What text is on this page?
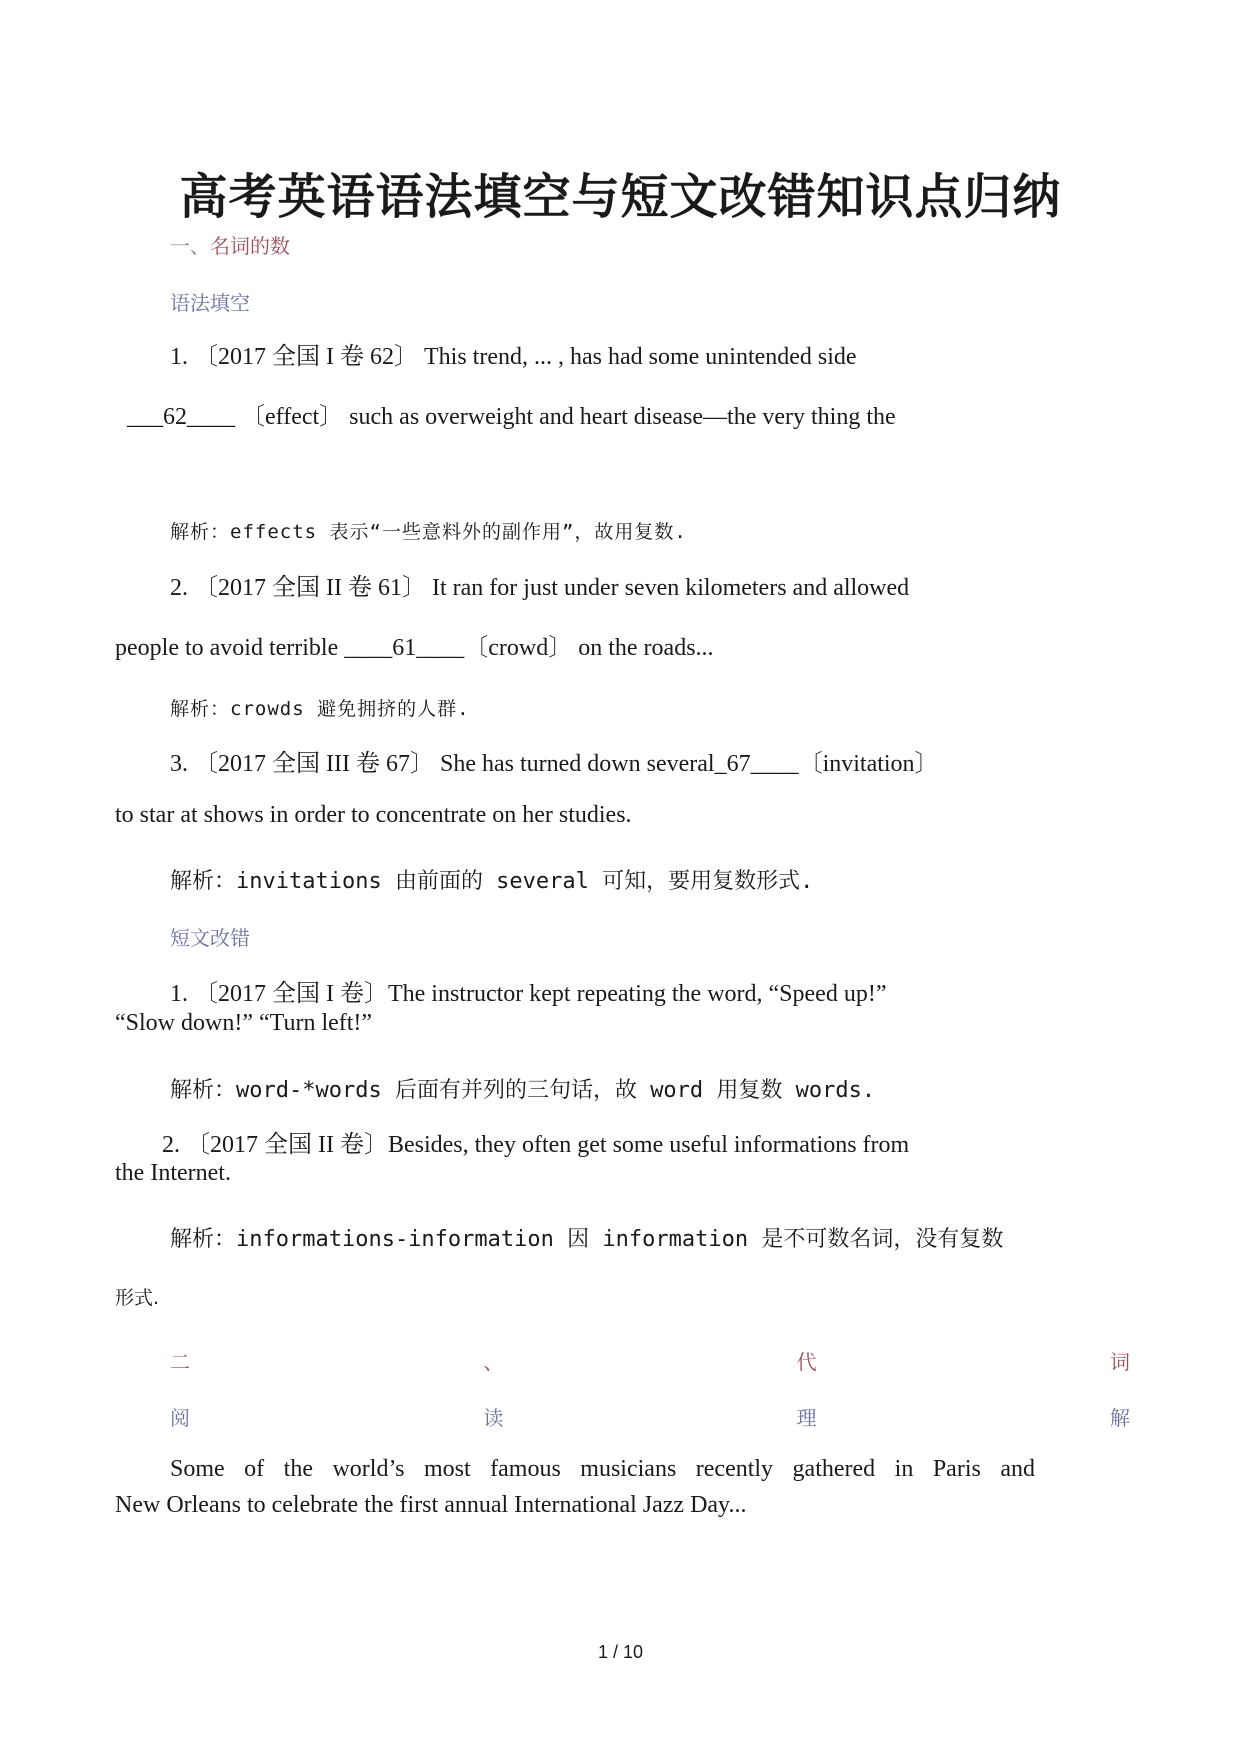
高考英语语法填空与短文改错知识点归纳
一、名词的数
语法填空
1. 〔2017 全国 I 卷 62〕 This trend, ... , has had some unintended side
___62____ 〔effect〕 such as overweight and heart disease—the very thing the
解析：effects 表示“一些意料外的副作用”，故用复数.
2. 〔2017 全国 II 卷 61〕 It ran for just under seven kilometers and allowed
people to avoid terrible ____61____〔crowd〕 on the roads...
解析：crowds 避免拥挤的人群.
3. 〔2017 全国 III 卷 67〕 She has turned down several_67____〔invitation〕
to star at shows in order to concentrate on her studies.
解析：invitations 由前面的 several 可知，要用复数形式.
短文改错
1. 〔2017 全国 I 卷〕The instructor kept repeating the word, “Speed up!”
“Slow down!” “Turn left!”
解析：word-*words 后面有并列的三句话，故 word 用复数 words.
2. 〔2017 全国 II 卷〕Besides, they often get some useful informations from
the Internet.
解析：informations-information 因 information 是不可数名词，没有复数
形式.
二	、	代	词
阅	读	理	解
Some of the world’s most famous musicians recently gathered in Paris and
New Orleans to celebrate the first annual International Jazz Day...
1 / 10
